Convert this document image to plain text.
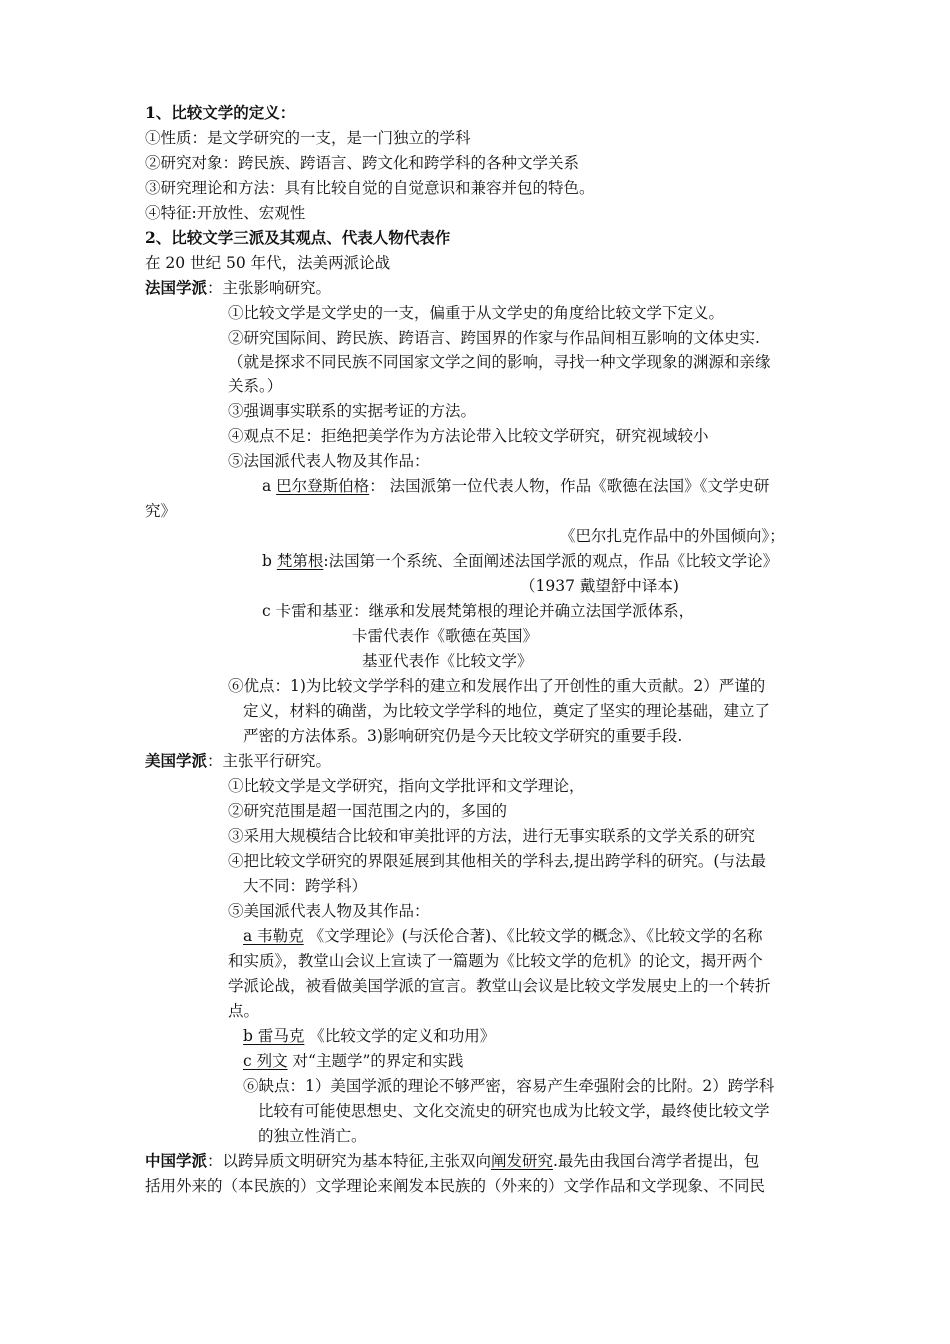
1、比较文学的定义：
①性质：是文学研究的一支，是一门独立的学科
②研究对象：跨民族、跨语言、跨文化和跨学科的各种文学关系
③研究理论和方法：具有比较自觉的自觉意识和兼容并包的特色。
④特征:开放性、宏观性
2、比较文学三派及其观点、代表人物代表作
在 20 世纪 50 年代，法美两派论战
法国学派：主张影响研究。
①比较文学是文学史的一支，偏重于从文学史的角度给比较文学下定义。
②研究国际间、跨民族、跨语言、跨国界的作家与作品间相互影响的文体史实.
（就是探求不同民族不同国家文学之间的影响，寻找一种文学现象的渊源和亲缘
关系。）
③强调事实联系的实据考证的方法。
④观点不足：拒绝把美学作为方法论带入比较文学研究，研究视域较小
⑤法国派代表人物及其作品：
a 巴尔登斯伯格： 法国派第一位代表人物，作品《歌德在法国》《文学史研
究》
《巴尔扎克作品中的外国倾向》；
b 梵第根:法国第一个系统、全面阐述法国学派的观点，作品《比较文学论》
（1937 戴望舒中译本)
c 卡雷和基亚：继承和发展梵第根的理论并确立法国学派体系，
卡雷代表作《歌德在英国》
基亚代表作《比较文学》
⑥优点：1)为比较文学学科的建立和发展作出了开创性的重大贡献。2）严谨的
定义，材料的确凿，为比较文学学科的地位，奠定了坚实的理论基础，建立了
严密的方法体系。3)影响研究仍是今天比较文学研究的重要手段.
美国学派：主张平行研究。
①比较文学是文学研究，指向文学批评和文学理论，
②研究范围是超一国范围之内的，多国的
③采用大规模结合比较和审美批评的方法，进行无事实联系的文学关系的研究
④把比较文学研究的界限延展到其他相关的学科去,提出跨学科的研究。(与法最
大不同：跨学科）
⑤美国派代表人物及其作品：
a 韦勒克 《文学理论》(与沃伦合著)、《比较文学的概念》、《比较文学的名称
和实质》，教堂山会议上宣读了一篇题为《比较文学的危机》的论文，揭开两个
学派论战，被看做美国学派的宣言。教堂山会议是比较文学发展史上的一个转折
点。
b 雷马克 《比较文学的定义和功用》
c 列文 对“主题学”的界定和实践
⑥缺点：1）美国学派的理论不够严密，容易产生牵强附会的比附。2）跨学科
比较有可能使思想史、文化交流史的研究也成为比较文学，最终使比较文学
的独立性消亡。
中国学派：以跨异质文明研究为基本特征,主张双向阐发研究.最先由我国台湾学者提出，包
括用外来的（本民族的）文学理论来阐发本民族的（外来的）文学作品和文学现象、不同民
